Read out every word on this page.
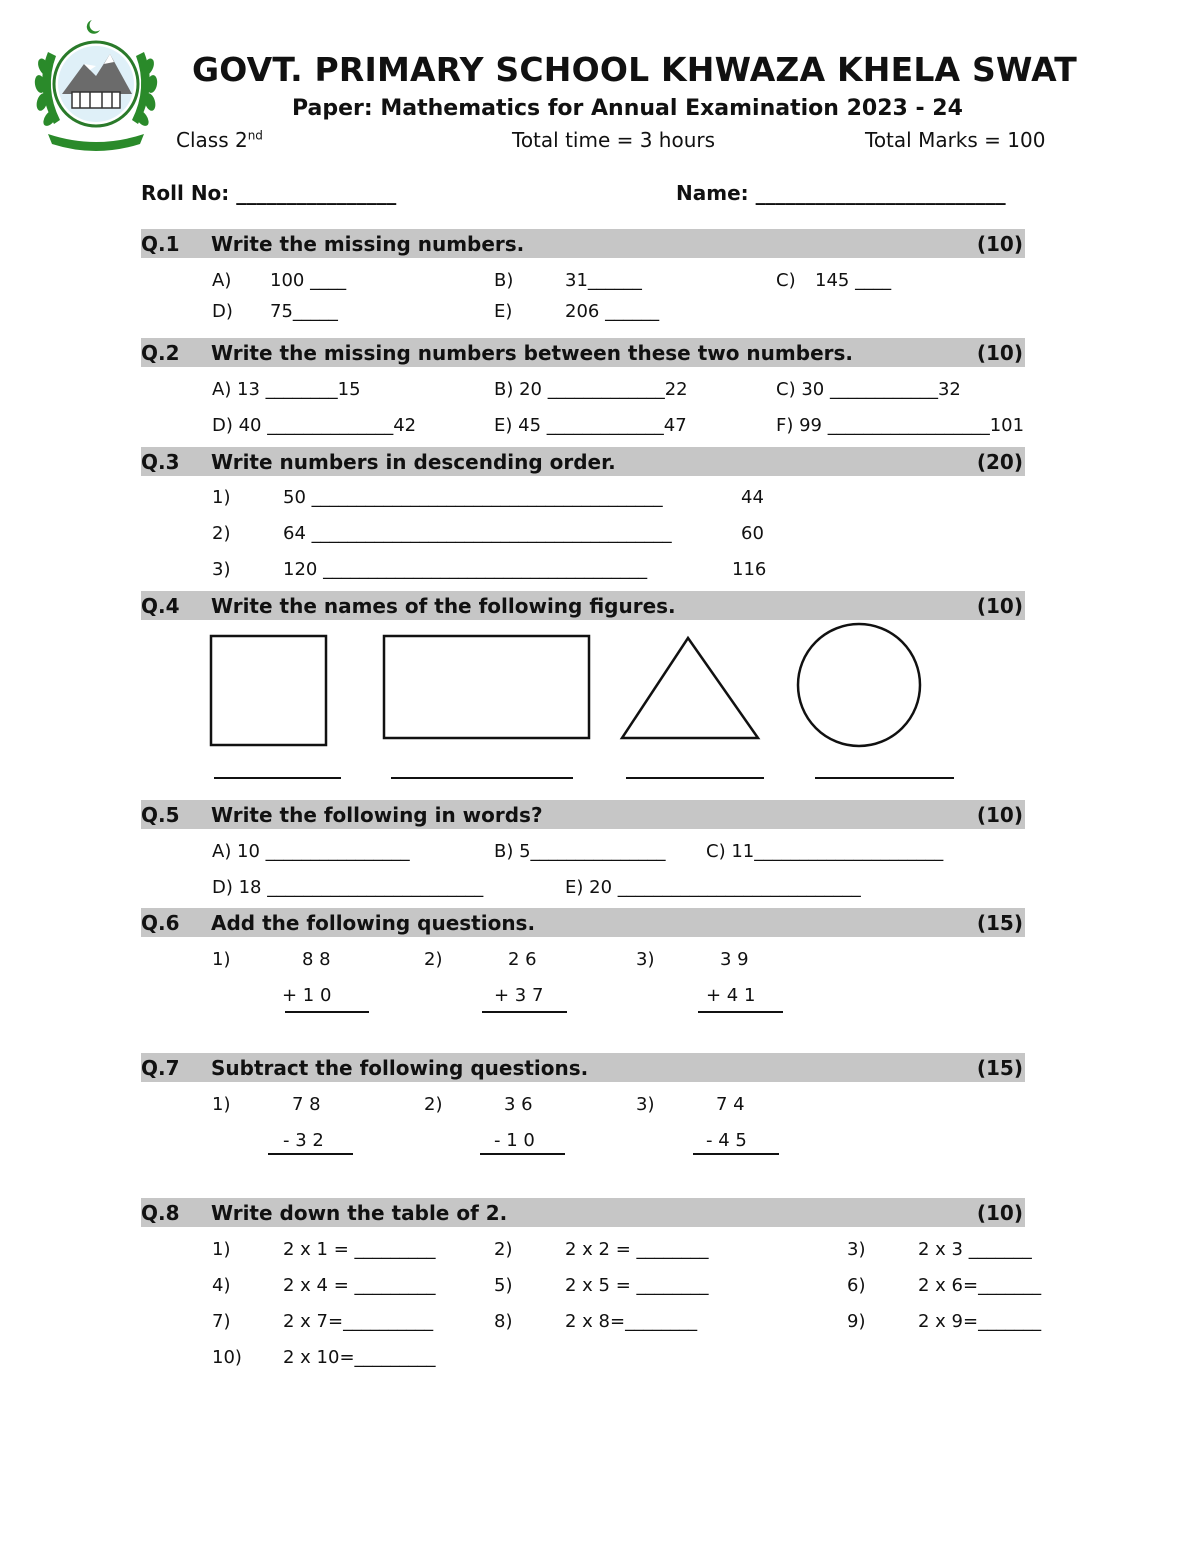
GOVT. PRIMARY SCHOOL KHWAZA KHELA SWAT
Paper: Mathematics for Annual Examination 2023 - 24
Class 2nd	Total time = 3 hours	Total Marks = 100
Roll No: ________________	Name: _________________________
Q.1 Write the missing numbers.	(10)
A) 100 ____	B)	31______	C) 145 ____
D) 75_____	E)	206 ______
Q.2 Write the missing numbers between these two numbers.	(10)
A) 13 ________15	B) 20 _____________22	C) 30 ____________32
D) 40 ______________42	E) 45 _____________47	F) 99 __________________101
Q.3 Write numbers in descending order.	(20)
1)	50 _______________________________________	44
2)	64 ________________________________________	60
3)	120 ____________________________________	116
Q.4 Write the names of the following figures.	(10)
Q.5 Write the following in words?	(10)
A) 10 ________________	B) 5_______________ C) 11_____________________
D) 18 ________________________	E) 20 ___________________________
Q.6 Add the following questions.	(15)
1)	8 8
+ 1 0
2)	2 6
+ 3 7
3)	3 9
+ 4 1
Q.7 Subtract the following questions.	(15)
1)	7 8
- 3 2
2)	3 6
- 1 0
3)	7 4
- 4 5
Q.8 Write down the table of 2.	(10)
1)	2 x 1 = _________	2)	2 x 2 = ________	3)	2 x 3 _______
4)	2 x 4 = _________	5)	2 x 5 = ________	6)	2 x 6=_______
7)	2 x 7=__________	8)	2 x 8=________	9)	2 x 9=_______
10) 2 x 10=_________
